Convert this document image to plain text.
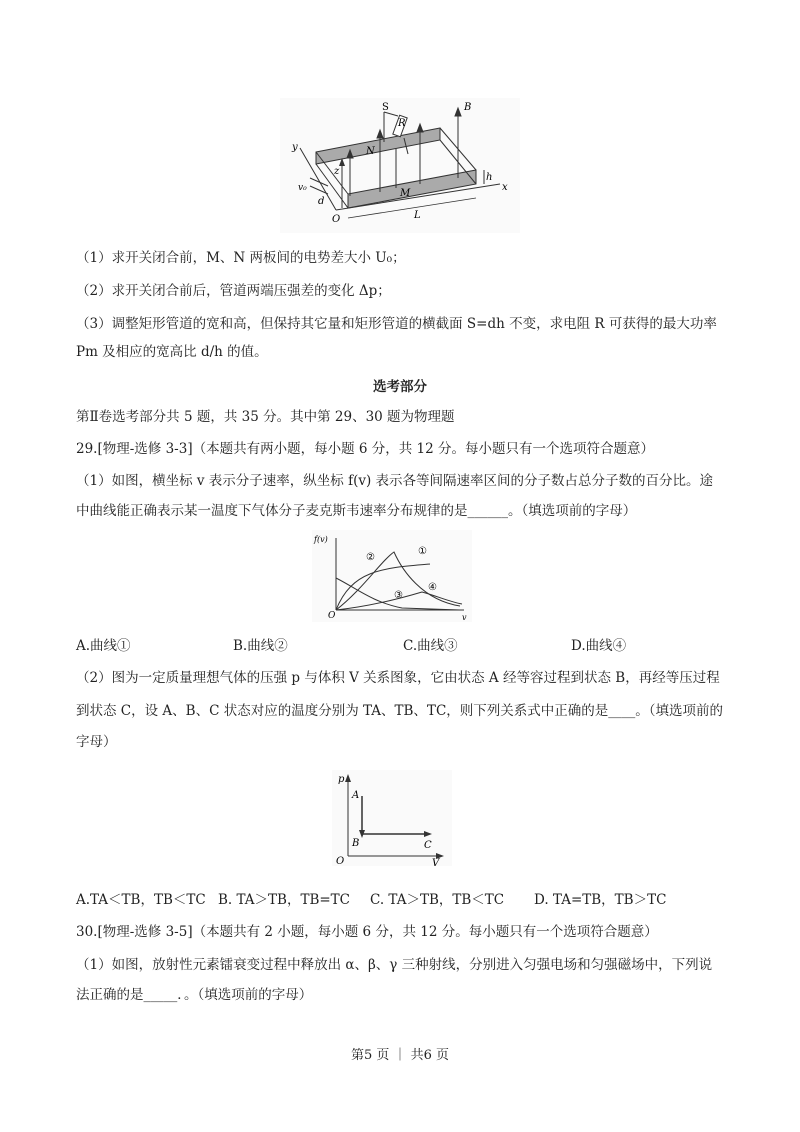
S
R
B
N
M
y
z
x
h
d
v₀
O	L
（1）求开关闭合前，M、N 两板间的电势差大小 U₀；
（2）求开关闭合前后，管道两端压强差的变化 Δp；
（3）调整矩形管道的宽和高，但保持其它量和矩形管道的横截面 S=dh 不变，求电阻 R 可获得的最大功率
Pm 及相应的宽高比 d/h 的值。
选考部分
第Ⅱ卷选考部分共 5 题，共 35 分。其中第 29、30 题为物理题
29.[物理-选修 3-3]（本题共有两小题，每小题 6 分，共 12 分。每小题只有一个选项符合题意）
（1）如图，横坐标 v 表示分子速率，纵坐标 f(v) 表示各等间隔速率区间的分子数占总分子数的百分比。途
中曲线能正确表示某一温度下气体分子麦克斯韦速率分布规律的是______。（填选项前的字母）
f(v)
v
O
①
②
③
④
A.曲线①	B.曲线②	C.曲线③	D.曲线④
（2）图为一定质量理想气体的压强 p 与体积 V 关系图象，它由状态 A 经等容过程到状态 B，再经等压过程
到状态 C，设 A、B、C 状态对应的温度分别为 TA、TB、TC，则下列关系式中正确的是____。（填选项前的
字母）
p
V
O
A
B	C
A.TA＜TB，TB＜TC B. TA＞TB，TB=TC	C. TA＞TB，TB＜TC	D. TA=TB，TB＞TC
30.[物理-选修 3-5]（本题共有 2 小题，每小题 6 分，共 12 分。每小题只有一个选项符合题意）
（1）如图，放射性元素镭衰变过程中释放出 α、β、γ 三种射线，分别进入匀强电场和匀强磁场中，下列说
法正确的是_____．。（填选项前的字母）
第5 页 ｜ 共6 页
